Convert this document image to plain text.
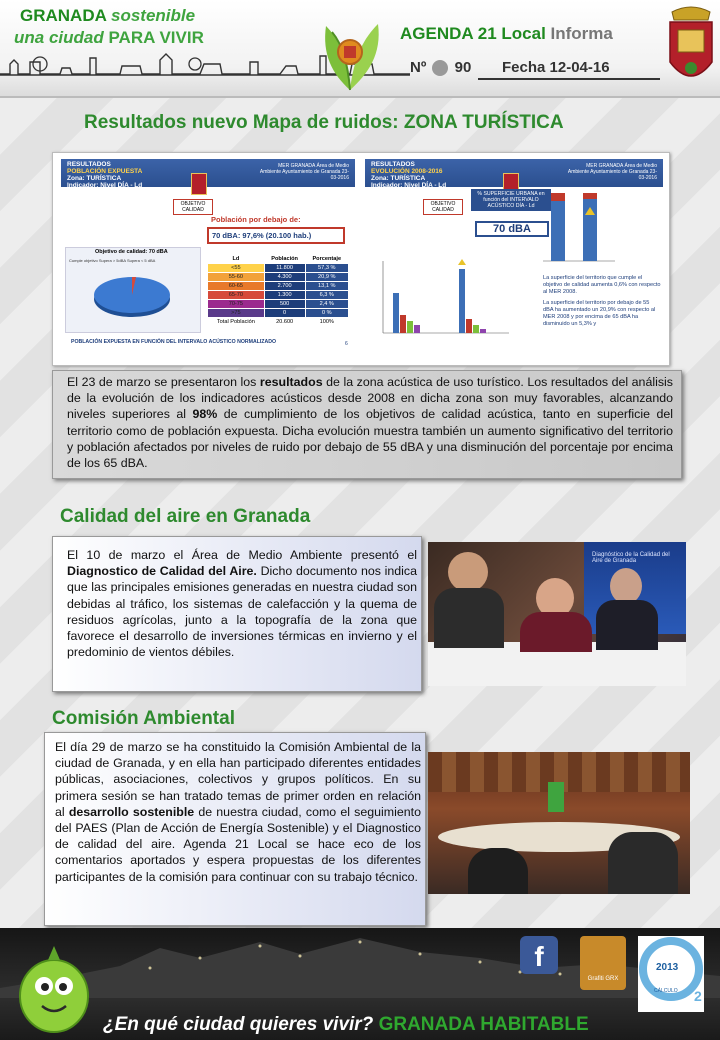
GRANADA sostenible
una ciudad PARA VIVIR	AGENDA 21 Local Informa
Nº 90 Fecha 12-04-16
Resultados nuevo Mapa de ruidos: ZONA TURÍSTICA
RESULTADOS
POBLACIÓN EXPUESTA
Zona: TURÍSTICA
Indicador: Nivel DÍA - Ld
MER GRANADA Área de Medio Ambiente Ayuntamiento de Granada 23-03-2016
OBJETIVO CALIDAD
Población por debajo de:
70 dBA: 97,6% (20.100 hab.)
Objetivo de calidad: 70 dBA
Cumple objetivo Supera > 5dBA Supera < 5 dBA	Ld	Población	Porcentaje
<55	11.800	57,3 %
55-60	4.300	20,9 %
60-65	2.700	13,1 %
65-70	1.300	6,3 %
70-75	500	2,4 %
>75	0	0 %
Total Población	20.600	100%
POBLACIÓN EXPUESTA EN FUNCIÓN DEL INTERVALO ACÚSTICO NORMALIZADO	6
RESULTADOS
EVOLUCIÓN 2008-2016
Zona: TURÍSTICA
Indicador: Nivel DÍA - Ld
MER GRANADA Área de Medio Ambiente Ayuntamiento de Granada 23-03-2016
OBJETIVO CALIDAD
% SUPERFICIE URBANA en función del INTERVALO ACÚSTICO DÍA - Ld
70 dBA
La superficie del territorio que cumple el objetivo de calidad aumenta 0,6% con respecto al MER 2008.
La superficie del territorio por debajo de 55 dBA ha aumentado un 20,9% con respecto al MER 2008 y por encima de 65 dBA ha disminuido un 5,3% y

El 23 de marzo se presentaron los resultados de la zona acústica de uso turístico. Los resultados del análisis de la evolución de los indicadores acústicos desde 2008 en dicha zona son muy favorables, alcanzando niveles superiores al 98% de cumplimiento de los objetivos de calidad acústica, tanto en superficie del territorio como de población expuesta. Dicha evolución muestra también un aumento significativo del territorio y población afectados por niveles de ruido por debajo de 55 dBA y una disminución del porcentaje por encima de los 65 dBA.

Calidad del aire en Granada

El 10 de marzo el Área de Medio Ambiente presentó el Diagnostico de Calidad del Aire. Dicho documento nos indica que las principales emisiones generadas en nuestra ciudad son debidas al tráfico, los sistemas de calefacción y la quema de residuos agrícolas, junto a la topografía de la zona que favorece el desarrollo de inversiones térmicas en invierno y el predominio de vientos débiles.

Diagnóstico de la Calidad del Aire de Granada
Comisión Ambiental

El día 29 de marzo se ha constituido la Comisión Ambiental de la ciudad de Granada, y en ella han participado diferentes entidades públicas, asociaciones, colectivos y grupos políticos. En su primera sesión se han tratado temas de primer orden en relación al desarrollo sostenible de nuestra ciudad, como el seguimiento del PAES (Plan de Acción de Energía Sostenible) y el Diagnostico de calidad del aire. Agenda 21 Local se hace eco de los comentarios aportados y espera propuestas de los diferentes participantes de la comisión para continuar con su trabajo técnico.

f
Grafiti GRX
2013
CÁLCULO 2
¿En qué ciudad quieres vivir? GRANADA HABITABLE
